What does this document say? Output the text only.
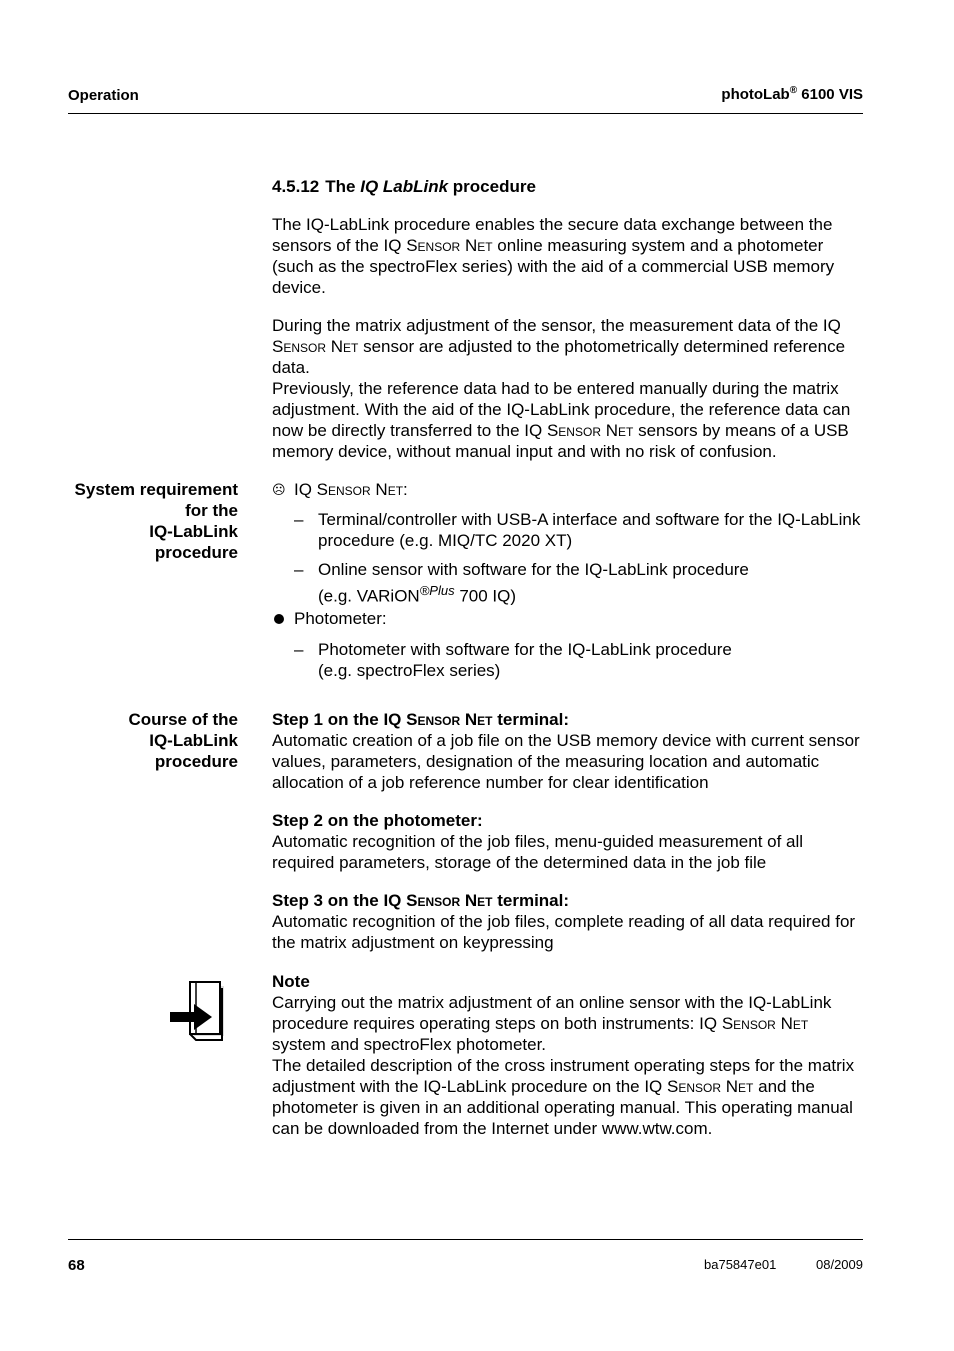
Operation	photoLab® 6100 VIS
4.5.12 The IQ LabLink procedure

The IQ-LabLink procedure enables the secure data exchange between the sensors of the IQ Sensor Net online measuring system and a photometer (such as the spectroFlex series) with the aid of a commercial USB memory device.

During the matrix adjustment of the sensor, the measurement data of the IQ Sensor Net sensor are adjusted to the photometrically determined reference data.

Previously, the reference data had to be entered manually during the matrix adjustment. With the aid of the IQ-LabLink procedure, the reference data can now be directly transferred to the IQ Sensor Net sensors by means of a USB memory device, without manual input and with no risk of confusion.

System requirement
for the
IQ-LabLink
procedure
☹ IQ Sensor Net:
– Terminal/controller with USB-A interface and software for the IQ-LabLink procedure (e.g. MIQ/TC 2020 XT)
– Online sensor with software for the IQ-LabLink procedure

(e.g. VARiON$^{®Plus}$ 700 IQ)

Photometer:
– Photometer with software for the IQ-LabLink procedure

(e.g. spectroFlex series)

Course of the
IQ-LabLink
procedure

Step 1 on the IQ Sensor Net terminal:

Automatic creation of a job file on the USB memory device with current sensor values, parameters, designation of the measuring location and automatic allocation of a job reference number for clear identification

Step 2 on the photometer:

Automatic recognition of the job files, menu-guided measurement of all required parameters, storage of the determined data in the job file

Step 3 on the IQ Sensor Net terminal:

Automatic recognition of the job files, complete reading of all data required for the matrix adjustment on keypressing

Note

Carrying out the matrix adjustment of an online sensor with the IQ-LabLink procedure requires operating steps on both instruments: IQ Sensor Net system and spectroFlex photometer.

The detailed description of the cross instrument operating steps for the matrix adjustment with the IQ-LabLink procedure on the IQ Sensor Net and the photometer is given in an additional operating manual. This operating manual can be downloaded from the Internet under www.wtw.com.

68	ba75847e01	08/2009
